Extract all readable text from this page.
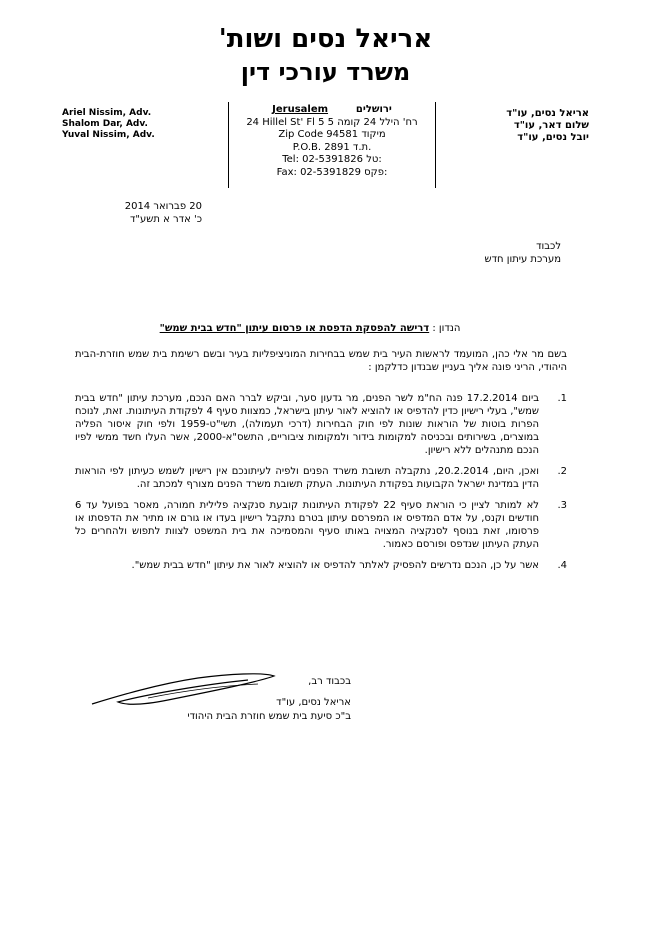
אריאל נסים ושות'
משרד עורכי דין
Ariel Nissim, Adv.
Shalom Dar, Adv.
Yuval Nissim, Adv.
אריאל נסים, עו"ד
שלום דאר, עו"ד
יובל נסים, עו"ד
Jerusalem	ירושלים
24 Hillel St' Fl 5 רח' הילל 24 קומה 5
Zip Code 94581 מיקוד
P.O.B. 2891 ת.ד.
Tel: 02-5391826 טל:
Fax: 02-5391829 פקס:
20 פברואר 2014
כ' אדר א תשע"ד
לכבוד
מערכת עיתון חדש
הנדון : דרישה להפסקת הדפסת או פרסום עיתון "חדש בבית שמש"
בשם מר אלי כהן, המועמד לראשות העיר בית שמש בבחירות המוניציפליות בעיר ובשם רשימת בית שמש חוזרת-הבית היהודי, הריני פונה אליך בעניין שבנדון כדלקמן :
1.
ביום 17.2.2014 פנה הח"מ לשר הפנים, מר גדעון סער, וביקש לברר האם הנכם, מערכת עיתון "חדש בבית שמש", בעלי רישיון כדין להדפיס או להוציא לאור עיתון בישראל, כמצוות סעיף 4 לפקודת העיתונות. זאת, לנוכח הפרות בוטות של הוראות שונות לפי חוק הבחירות (דרכי תעמולה), תשי"ט-1959 ולפי חוק איסור הפליה במוצרים, בשירותים ובכניסה למקומות בידור ולמקומות ציבוריים, התשס"א-2000, אשר העלו חשד ממשי לפיו הנכם מתנהלים ללא רישיון.
2.
ואכן, היום, 20.2.2014, נתקבלה תשובת משרד הפנים ולפיה לעיתונכם אין רישיון לשמש כעיתון לפי הוראות הדין במדינת ישראל הקבועות בפקודת העיתונות. העתק תשובת משרד הפנים מצורף למכתב זה.
3.
לא למותר לציין כי הוראת סעיף 22 לפקודת העיתונות קובעת סנקציה פלילית חמורה, מאסר בפועל עד 6 חודשים וקנס, על אדם המדפיס או המפרסם עיתון בטרם נתקבל רישיון בעדו או גורם או מתיר את הדפסתו או פרסומו, זאת בנוסף לסנקציה המצויה באותו סעיף והמסמיכה את בית המשפט לצוות לתפוש ולהחרים כל העתק העיתון שנדפס ופורסם כאמור.
4.
אשר על כן, הנכם נדרשים להפסיק לאלתר להדפיס או להוציא לאור את עיתון "חדש בבית שמש".
בכבוד רב,
אריאל נסים, עו"ד
ב"כ סיעת בית שמש חוזרת הבית היהודי
